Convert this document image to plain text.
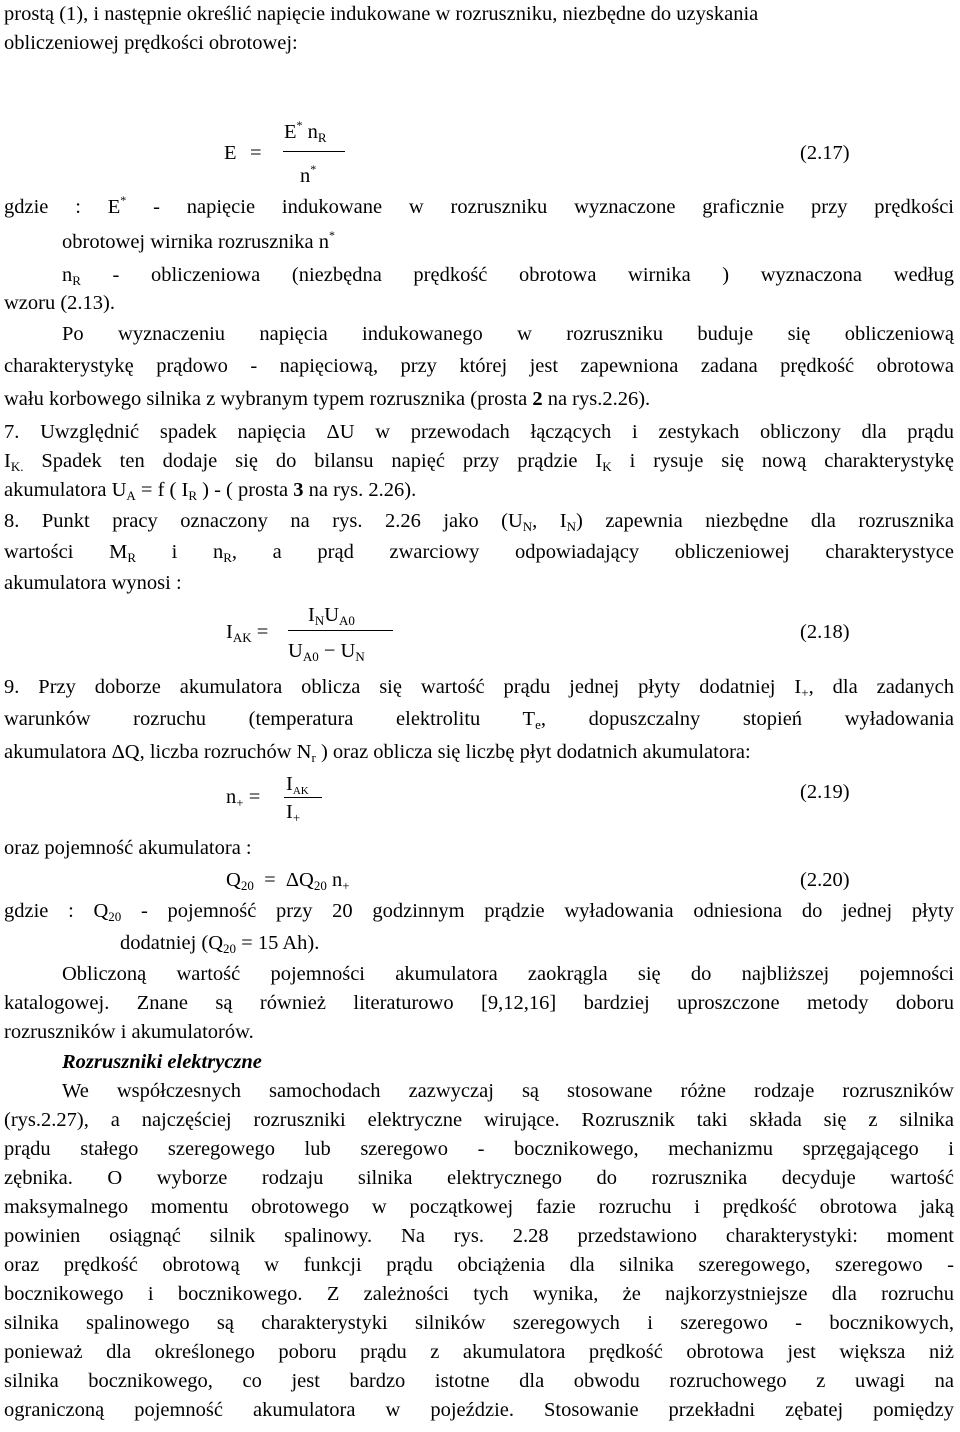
prostą (1), i następnie określić napięcie indukowane w rozruszniku, niezbędne do uzyskania
obliczeniowej prędkości obrotowej:
E =
E* $n_R$
n*
(2.17)
gdzie : E* - napięcie indukowane w rozruszniku wyznaczone graficznie przy prędkości
obrotowej wirnika rozrusznika n*
$n_R$ - obliczeniowa (niezbędna prędkość obrotowa wirnika ) wyznaczona według
wzoru (2.13).
Po wyznaczeniu napięcia indukowanego w rozruszniku buduje się obliczeniową
charakterystykę prądowo - napięciową, przy której jest zapewniona zadana prędkość obrotowa
wału korbowego silnika z wybranym typem rozrusznika (prosta 2 na rys.2.26).
7. Uwzględnić spadek napięcia ΔU w przewodach łączących i zestykach obliczony dla prądu
$I_{K.}$ Spadek ten dodaje się do bilansu napięć przy prądzie $I_K$ i rysuje się nową charakterystykę
akumulatora $U_A = f$ ( $I_R$ ) - ( prosta 3 na rys. 2.26).
8. Punkt pracy oznaczony na rys. 2.26 jako ($U_N$, $I_N$) zapewnia niezbędne dla rozrusznika
wartości $M_R$ i $n_R$, a prąd zwarciowy odpowiadający obliczeniowej charakterystyce
akumulatora wynosi :
$I_{AK}$ =
$I_NU_{A0}$
$U_{A0} - U_N$
(2.18)
9. Przy doborze akumulatora oblicza się wartość prądu jednej płyty dodatniej $I_+$, dla zadanych
warunków rozruchu (temperatura elektrolitu $T_e$, dopuszczalny stopień wyładowania
akumulatora ΔQ, liczba rozruchów $N_r$ ) oraz oblicza się liczbę płyt dodatnich akumulatora:
$n_+$ =
$I_{AK}$
$I_+$
(2.19)
oraz pojemność akumulatora :
$Q_{20} = \Delta Q_{20}$ $n_+$	(2.20)
gdzie : $Q_{20}$ - pojemność przy 20 godzinnym prądzie wyładowania odniesiona do jednej płyty
dodatniej ($Q_{20} = 15$ Ah).
Obliczoną wartość pojemności akumulatora zaokrągla się do najbliższej pojemności
katalogowej. Znane są również literaturowo [9,12,16] bardziej uproszczone metody doboru
rozruszników i akumulatorów.
Rozruszniki elektryczne
We współczesnych samochodach zazwyczaj są stosowane różne rodzaje rozruszników
(rys.2.27), a najczęściej rozruszniki elektryczne wirujące. Rozrusznik taki składa się z silnika
prądu stałego szeregowego lub szeregowo - bocznikowego, mechanizmu sprzęgającego i
zębnika. O wyborze rodzaju silnika elektrycznego do rozrusznika decyduje wartość
maksymalnego momentu obrotowego w początkowej fazie rozruchu i prędkość obrotowa jaką
powinien osiągnąć silnik spalinowy. Na rys. 2.28 przedstawiono charakterystyki: moment
oraz prędkość obrotową w funkcji prądu obciążenia dla silnika szeregowego, szeregowo -
bocznikowego i bocznikowego. Z zależności tych wynika, że najkorzystniejsze dla rozruchu
silnika spalinowego są charakterystyki silników szeregowych i szeregowo - bocznikowych,
ponieważ dla określonego poboru prądu z akumulatora prędkość obrotowa jest większa niż
silnika bocznikowego, co jest bardzo istotne dla obwodu rozruchowego z uwagi na
ograniczoną pojemność akumulatora w pojeździe. Stosowanie przekładni zębatej pomiędzy
